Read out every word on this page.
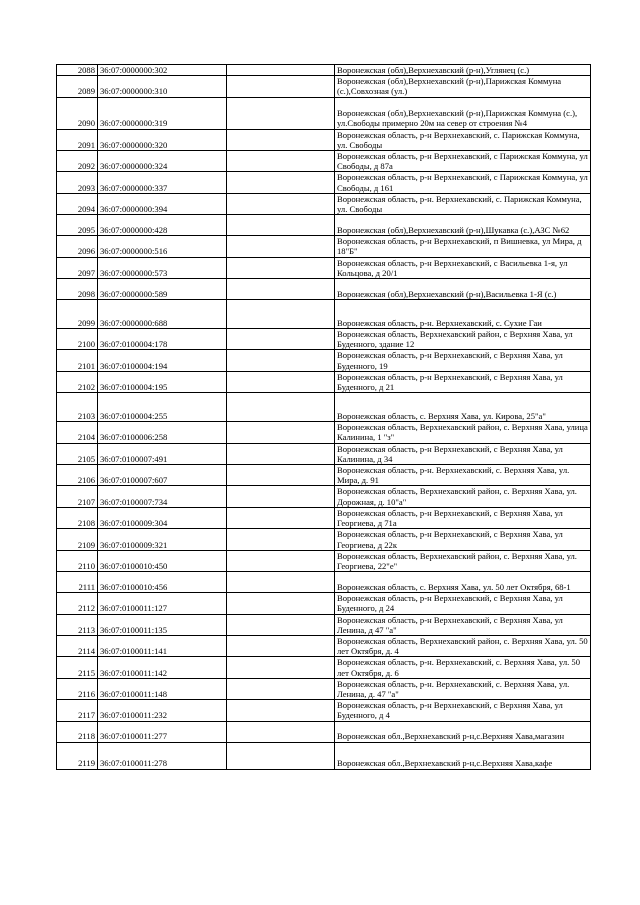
2088	36:07:0000000:302		Воронежская (обл),Верхнехавский (р-н),Углянец (с.)
2089	36:07:0000000:310		Воронежская (обл),Верхнехавский (р-н),Парижская Коммуна (с.),Совхозная (ул.)
2090	36:07:0000000:319		Воронежская (обл),Верхнехавский (р-н),Парижская Коммуна (с.), ул.Свободы примерно 20м на север от строения №4
2091	36:07:0000000:320		Воронежская область, р-н Верхнехавский, с. Парижская Коммуна, ул. Свободы
2092	36:07:0000000:324		Воронежская область, р-н Верхнехавский, с Парижская Коммуна, ул Свободы, д 87а
2093	36:07:0000000:337		Воронежская область, р-н Верхнехавский, с Парижская Коммуна, ул Свободы, д 161
2094	36:07:0000000:394		Воронежская область, р-н. Верхнехавский, с. Парижская Коммуна, ул. Свободы
2095	36:07:0000000:428		Воронежская (обл),Верхнехавский (р-н),Шукавка (с.),АЗС №62
2096	36:07:0000000:516		Воронежская область, р-н Верхнехавский, п Вишневка, ул Мира, д 18"Б"
2097	36:07:0000000:573		Воронежская область, р-н Верхнехавский, с Васильевка 1-я, ул Кольцова, д 20/1
2098	36:07:0000000:589		Воронежская (обл),Верхнехавский (р-н),Васильевка 1-Я (с.)
2099	36:07:0000000:688		Воронежская область, р-н. Верхнехавский, с. Сухие Гаи
2100	36:07:0100004:178		Воронежская область, Верхнехавский район, с Верхняя Хава, ул Буденного, здание 12
2101	36:07:0100004:194		Воронежская область, р-н Верхнехавский, с Верхняя Хава, ул Буденного, 19
2102	36:07:0100004:195		Воронежская область, р-н Верхнехавский, с Верхняя Хава, ул Буденного, д 21
2103	36:07:0100004:255		Воронежская область, с. Верхняя Хава, ул. Кирова, 25"а"
2104	36:07:0100006:258		Воронежская область, Верхнехавский район, с. Верхняя Хава, улица Калинина, 1 "з"
2105	36:07:0100007:491		Воронежская область, р-н Верхнехавский, с Верхняя Хава, ул Калинина, д 34
2106	36:07:0100007:607		Воронежская область, р-н. Верхнехавский, с. Верхняя Хава, ул. Мира, д. 91
2107	36:07:0100007:734		Воронежская область, Верхнехавский район, с. Верхняя Хава, ул. Дорожная, д. 10"а"
2108	36:07:0100009:304		Воронежская область, р-н Верхнехавский, с Верхняя Хава, ул Георгиева, д 71а
2109	36:07:0100009:321		Воронежская область, р-н Верхнехавский, с Верхняя Хава, ул Георгиева, д 22к
2110	36:07:0100010:450		Воронежская область, Верхнехавский район, с. Верхняя Хава, ул. Георгиева, 22"е"
2111	36:07:0100010:456		Воронежская область, с. Верхняя Хава, ул. 50 лет Октября, 68-1
2112	36:07:0100011:127		Воронежская область, р-н Верхнехавский, с Верхняя Хава, ул Буденного, д 24
2113	36:07:0100011:135		Воронежская область, р-н Верхнехавский, с Верхняя Хава, ул Ленина, д 47 "а"
2114	36:07:0100011:141		Воронежская область, Верхнехавский район, с. Верхняя Хава, ул. 50 лет Октября, д. 4
2115	36:07:0100011:142		Воронежская область, р-н. Верхнехавский, с. Верхняя Хава, ул. 50 лет Октября, д. 6
2116	36:07:0100011:148		Воронежская область, р-н. Верхнехавский, с. Верхняя Хава, ул. Ленина, д. 47 "а"
2117	36:07:0100011:232		Воронежская область, р-н Верхнехавский, с Верхняя Хава, ул Буденного, д 4
2118	36:07:0100011:277		Воронежская обл.,Верхнехавский р-н,с.Верхняя Хава,магазин
2119	36:07:0100011:278		Воронежская обл.,Верхнехавский р-н,с.Верхняя Хава,кафе
